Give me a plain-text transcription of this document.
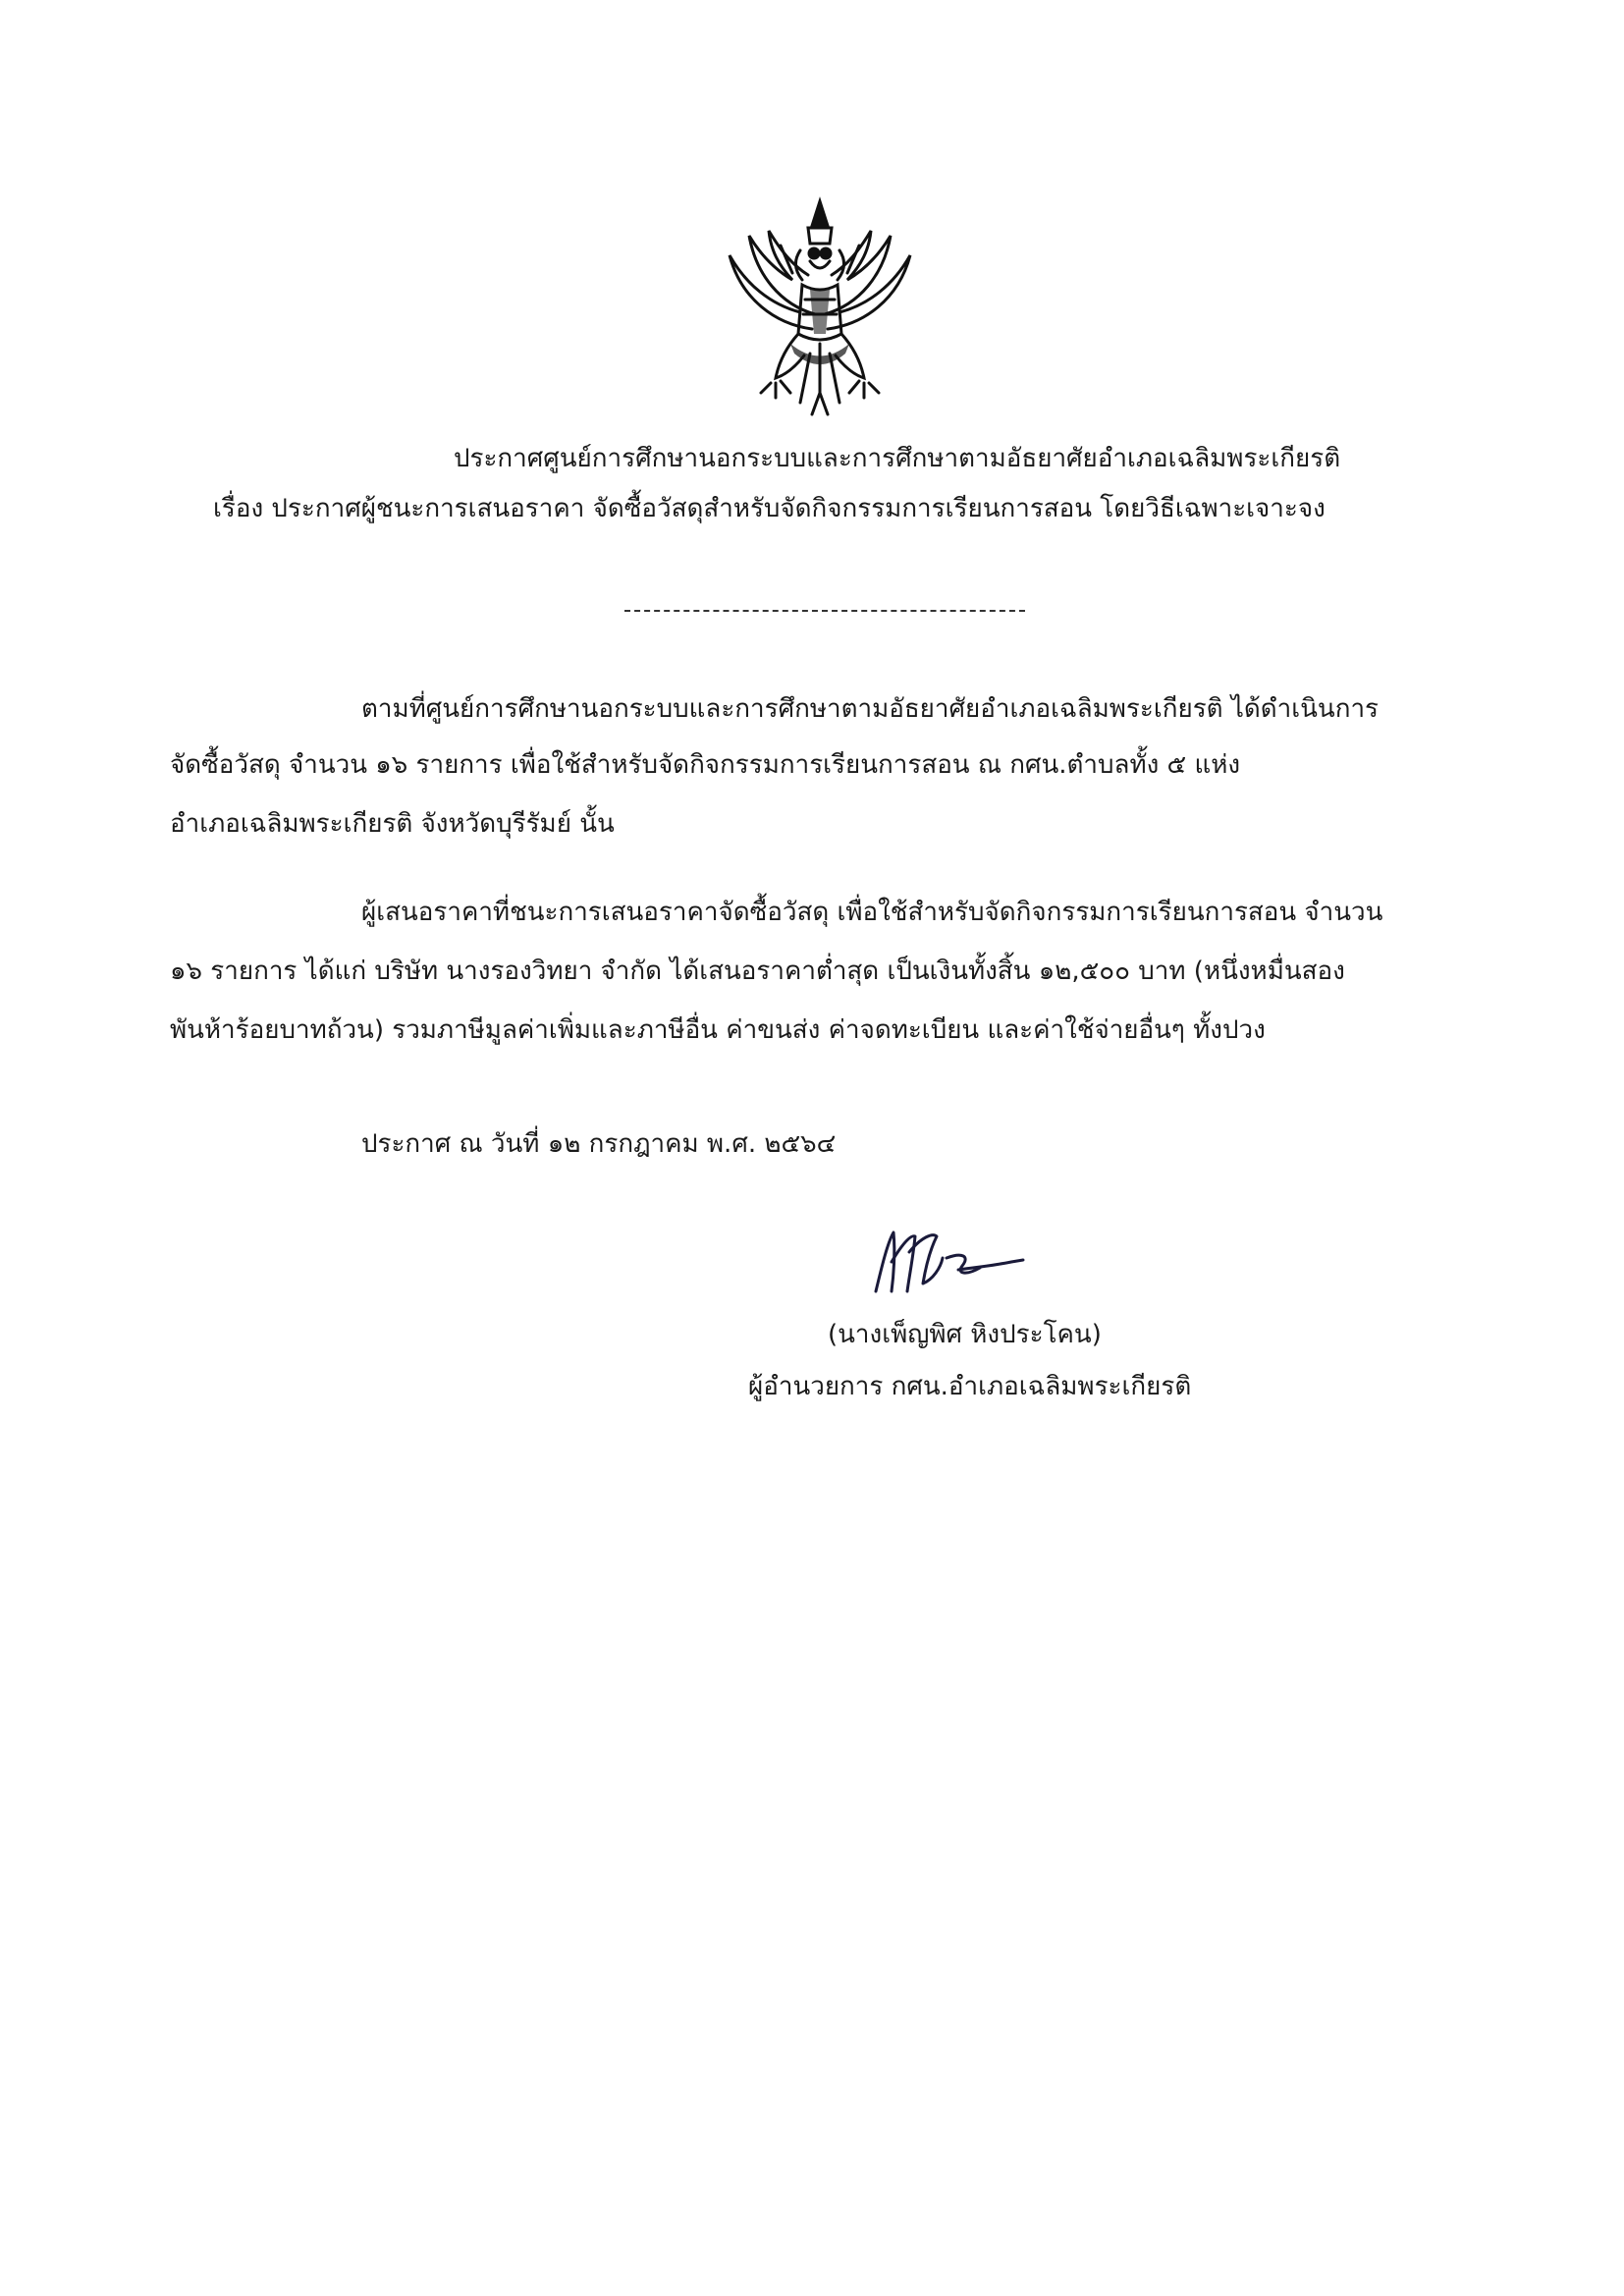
ประกาศศูนย์การศึกษานอกระบบและการศึกษาตามอัธยาศัยอำเภอเฉลิมพระเกียรติ
เรื่อง ประกาศผู้ชนะการเสนอราคา จัดซื้อวัสดุสำหรับจัดกิจกรรมการเรียนการสอน โดยวิธีเฉพาะเจาะจง
ตามที่ศูนย์การศึกษานอกระบบและการศึกษาตามอัธยาศัยอำเภอเฉลิมพระเกียรติ ได้ดำเนินการ
จัดซื้อวัสดุ จำนวน ๑๖ รายการ เพื่อใช้สำหรับจัดกิจกรรมการเรียนการสอน ณ กศน.ตำบลทั้ง ๕ แห่ง
อำเภอเฉลิมพระเกียรติ จังหวัดบุรีรัมย์ นั้น
ผู้เสนอราคาที่ชนะการเสนอราคาจัดซื้อวัสดุ เพื่อใช้สำหรับจัดกิจกรรมการเรียนการสอน จำนวน
๑๖ รายการ ได้แก่ บริษัท นางรองวิทยา จำกัด ได้เสนอราคาต่ำสุด เป็นเงินทั้งสิ้น ๑๒,๕๐๐ บาท (หนึ่งหมื่นสอง
พันห้าร้อยบาทถ้วน) รวมภาษีมูลค่าเพิ่มและภาษีอื่น ค่าขนส่ง ค่าจดทะเบียน และค่าใช้จ่ายอื่นๆ ทั้งปวง
ประกาศ ณ วันที่ ๑๒ กรกฎาคม พ.ศ. ๒๕๖๔
(นางเพ็ญพิศ หิงประโคน)
ผู้อำนวยการ กศน.อำเภอเฉลิมพระเกียรติ
